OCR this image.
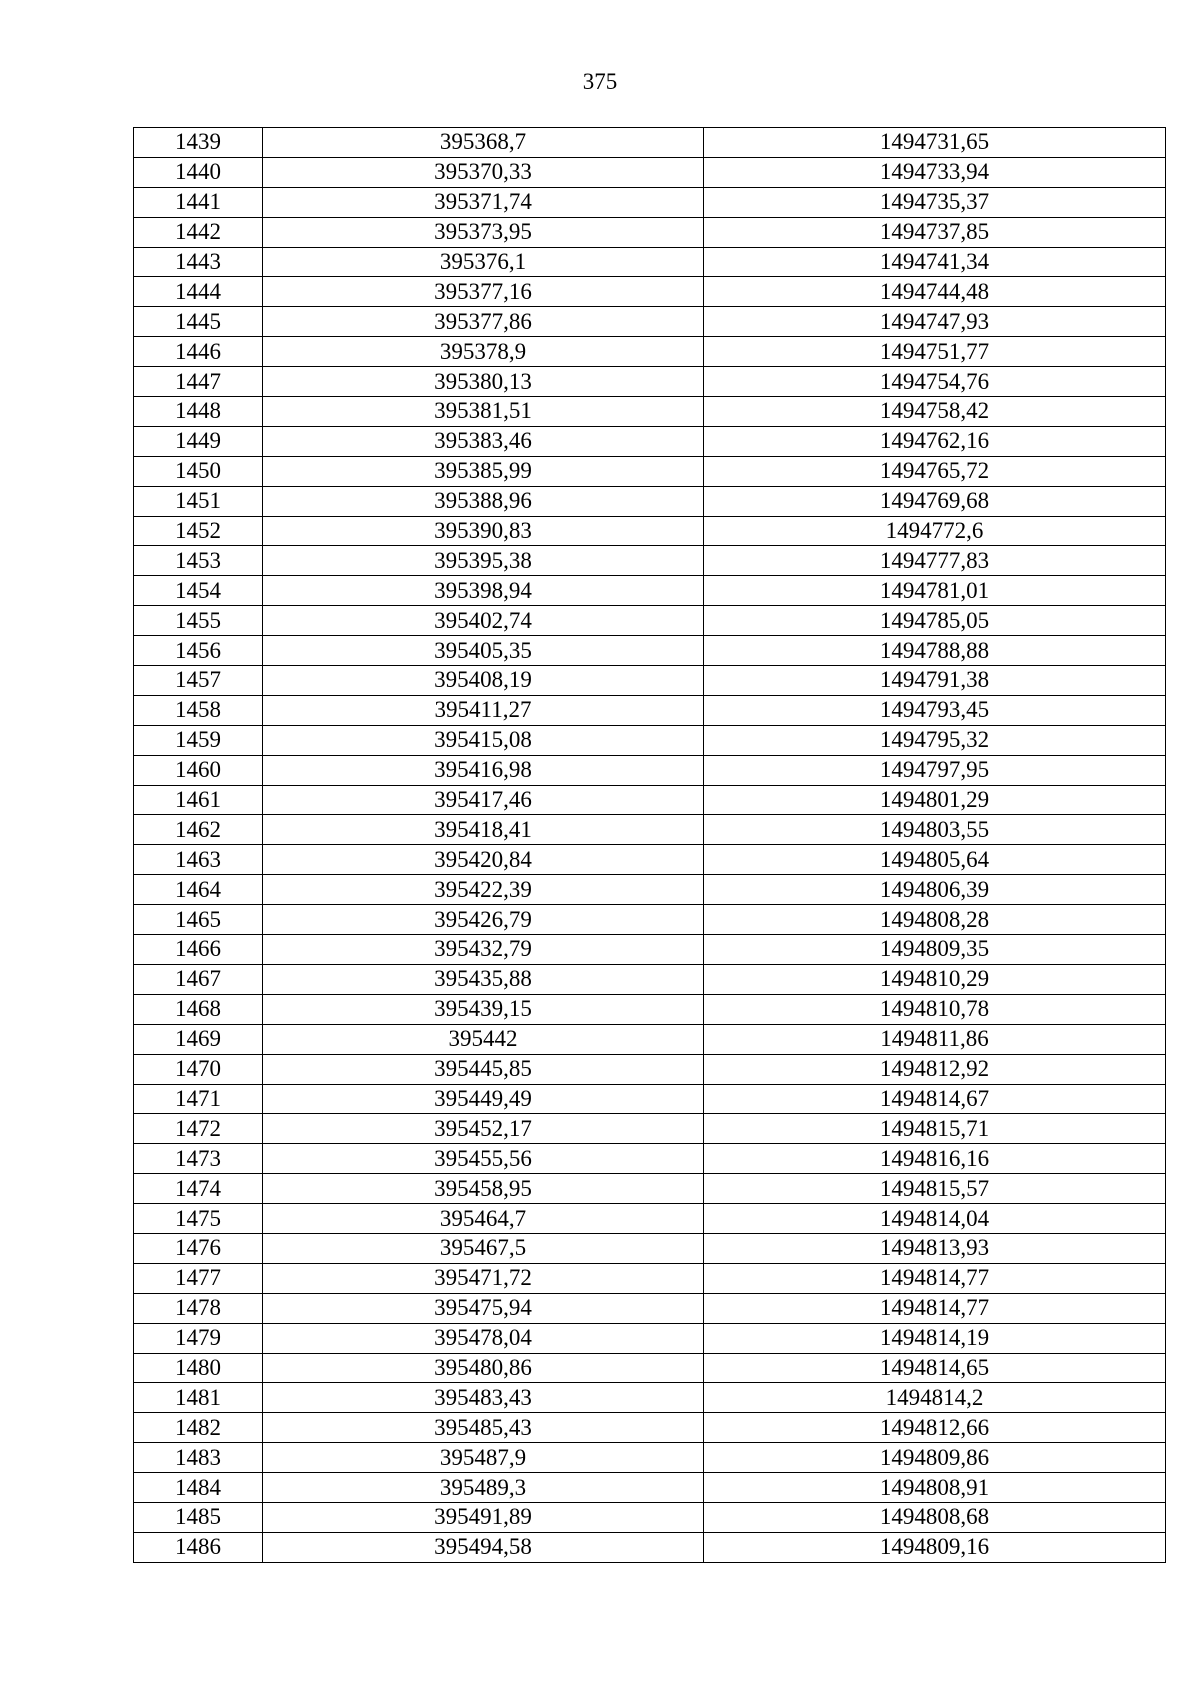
375
1439	395368,7	1494731,65
1440	395370,33	1494733,94
1441	395371,74	1494735,37
1442	395373,95	1494737,85
1443	395376,1	1494741,34
1444	395377,16	1494744,48
1445	395377,86	1494747,93
1446	395378,9	1494751,77
1447	395380,13	1494754,76
1448	395381,51	1494758,42
1449	395383,46	1494762,16
1450	395385,99	1494765,72
1451	395388,96	1494769,68
1452	395390,83	1494772,6
1453	395395,38	1494777,83
1454	395398,94	1494781,01
1455	395402,74	1494785,05
1456	395405,35	1494788,88
1457	395408,19	1494791,38
1458	395411,27	1494793,45
1459	395415,08	1494795,32
1460	395416,98	1494797,95
1461	395417,46	1494801,29
1462	395418,41	1494803,55
1463	395420,84	1494805,64
1464	395422,39	1494806,39
1465	395426,79	1494808,28
1466	395432,79	1494809,35
1467	395435,88	1494810,29
1468	395439,15	1494810,78
1469	395442	1494811,86
1470	395445,85	1494812,92
1471	395449,49	1494814,67
1472	395452,17	1494815,71
1473	395455,56	1494816,16
1474	395458,95	1494815,57
1475	395464,7	1494814,04
1476	395467,5	1494813,93
1477	395471,72	1494814,77
1478	395475,94	1494814,77
1479	395478,04	1494814,19
1480	395480,86	1494814,65
1481	395483,43	1494814,2
1482	395485,43	1494812,66
1483	395487,9	1494809,86
1484	395489,3	1494808,91
1485	395491,89	1494808,68
1486	395494,58	1494809,16
